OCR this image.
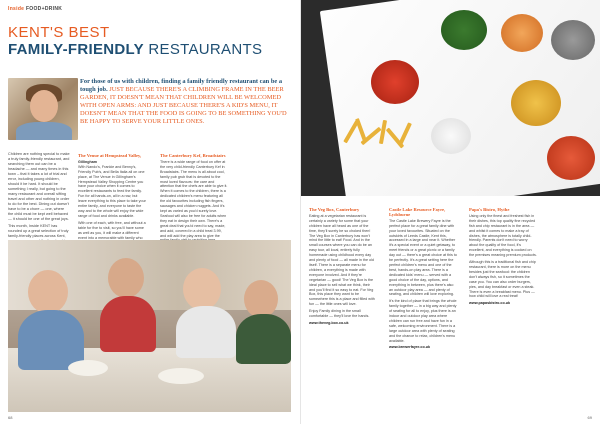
Inside FOOD+DRINK
KENT'S BEST
FAMILY-FRIENDLY RESTAURANTS
For those of us with children, finding a family friendly restaurant can be a tough job. JUST BECAUSE THERE'S A CLIMBING FRAME IN THE BEER GARDEN, IT DOESN'T MEAN THAT CHILDREN WILL BE WELCOMED WITH OPEN ARMS: AND JUST BECAUSE THERE'S A KID'S MENU, IT DOESN'T MEAN THAT THE FOOD IS GOING TO BE SOMETHING YOU'D BE HAPPY TO SERVE YOUR LITTLE ONES.

Children are nothing special to make a truly family-friendly restaurant, and searching them out can be a headache — and many times in this town – that it takes a lot of trial and error, including young children, should it be hard. It should be something I really, but going to the many restaurant and overall sifting travel and other and nothing in order to do for the best. Dining out doesn't have to be a chore — one, where the child must be kept well behaved — it should be one of the great joys.

This month, Inside KENT has rounded up a great selection of truly family-friendly places across Kent,

The Venue at Hempstead Valley,
Gillingham

With Nando's, Frankie and Benny's, Friendly Pub's, and Bella Italia all on one place, at The Venue in Gillingham's Hempstead Valley Shopping Centre you have your choice when it comes to excellent restaurants to feed the family. Fun for all hands-on, all in a row, but leave everything to this place to take your entire family, and everyone to taste the way and to the whole will enjoy the wide range of food and drinks available.

With one of each, with free, and without a table for five to visit, so you'll have some as well as you, it will make a different event into a memorable with family who

The Canterbury Kef, Broadstairs

There is a wide range of food on offer at the very child-friendly Canterbury Kef in Broadstairs. The menu is all about cool, family pub grub that is devoted to the most loved flavours: the care and attention that the chefs are able to give it. When it comes to the children, there is a dedicated children's menu featuring all the old favourites including fish fingers, sausages and chicken nuggets. And it's kept as varied as you'd surely love. Seafood will also be free for adults when they eat in design their own. There's a great deal that you'd need to say, made, and add, covered in a child treat 3.99, and will add the play area to give the

68
The Veg Box, Canterbury

Eating at a vegetarian restaurant is certainly a variety for some that your children have all heard as one of the time, they'll surely be so choked then! The Veg Box in Canterbury has won't mind the little to eat! Food. And in the small courses where you can do be an easy tour, all local, entirely fully homemade using childhood every day and plenty of food — all made in the old itself. There is a separate menu for children, a everything is made with everyone involved. And if they're vegetarian — good! The Veg Box is the ideal place to sell what we think, their and you'll find it so easy to eat. For Veg Box, this place they want to be somewhere this is a place and filled with fun — the little ones will love.

Enjoy Family dining in the small comfortable — they'll love the hands.

www.theveg.box.co.uk
Castle Lake Resource Fayre, Lydsburne

The Castle Lake Brewery Fayre is the perfect place for a great family dine with your loved favourites. Situated on the outskirts of Leeds Castle, Kent this, accessed in a large and near it. Whether it's a special event or a quiet getaway, to meet friends or a great picnic or a family day out — there's a great choice at this to be perfectly. It's a great setting here the perfect children's menu and one of the best, hands-on play area. There is a dedicated kids' menu — served with a good choice of the day, options, and everything in between, plus there's also an outdoor play area — and plenty of seating, and children will love exploring.

It's the kind of place that brings the whole family together — in a big way and plenty of seating for all to enjoy, plus there is an indoor and outdoor play area where children can run free and have fun in a safe, welcoming environment. There is a large outdoor area with plenty of seating and the chance to relax, children's menu available.

www.brewerfayre.co.uk
Papa's Bistro, Hythe

Using only the finest and freshest fish in their dishes, this top quality fine recycled fish and chip restaurant is in the area — and whilst it comes to make a tray of dishes, the atmosphere is totally child-friendly. Parents don't need to worry about the quality of the food, it's excellent, and everything is cooked on the premises meaning premium products.

Although this is a traditional fish and chip restaurant, there is more on the menu besides just the seafood: the children don't always fish, so it sometimes the case you. You can also order burgers, pies, and day breakfast or even a steak. There is even a breakfast menu. Plus — how child will love a real treat!

www.papasbistro.co.uk
69
